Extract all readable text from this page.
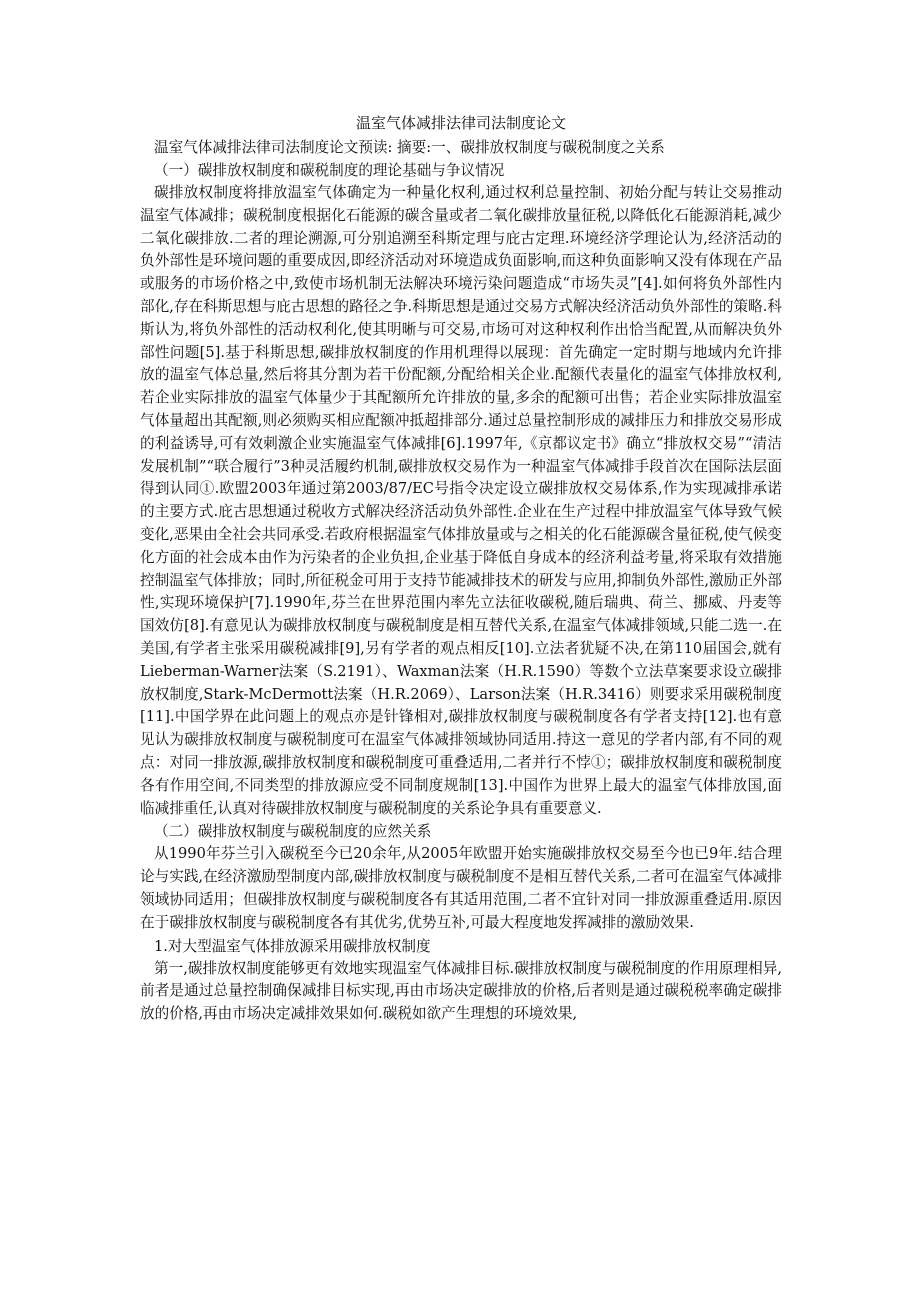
温室气体减排法律司法制度论文

温室气体减排法律司法制度论文预读: 摘要:一、碳排放权制度与碳税制度之关系

（一）碳排放权制度和碳税制度的理论基础与争议情况

碳排放权制度将排放温室气体确定为一种量化权利,通过权利总量控制、初始分配与转让交易推动温室气体减排；碳税制度根据化石能源的碳含量或者二氧化碳排放量征税,以降低化石能源消耗,减少二氧化碳排放.二者的理论溯源,可分别追溯至科斯定理与庇古定理.环境经济学理论认为,经济活动的负外部性是环境问题的重要成因,即经济活动对环境造成负面影响,而这种负面影响又没有体现在产品或服务的市场价格之中,致使市场机制无法解决环境污染问题造成“市场失灵”[4].如何将负外部性内部化,存在科斯思想与庇古思想的路径之争.科斯思想是通过交易方式解决经济活动负外部性的策略.科斯认为,将负外部性的活动权利化,使其明晰与可交易,市场可对这种权利作出恰当配置,从而解决负外部性问题[5].基于科斯思想,碳排放权制度的作用机理得以展现：首先确定一定时期与地域内允许排放的温室气体总量,然后将其分割为若干份配额,分配给相关企业.配额代表量化的温室气体排放权利,若企业实际排放的温室气体量少于其配额所允许排放的量,多余的配额可出售；若企业实际排放温室气体量超出其配额,则必须购买相应配额冲抵超排部分.通过总量控制形成的减排压力和排放交易形成的利益诱导,可有效刺激企业实施温室气体减排[6].1997年,《京都议定书》确立“排放权交易”“清洁发展机制”“联合履行”3种灵活履约机制,碳排放权交易作为一种温室气体减排手段首次在国际法层面得到认同①.欧盟2003年通过第2003/87/EC号指令决定设立碳排放权交易体系,作为实现减排承诺的主要方式.庇古思想通过税收方式解决经济活动负外部性.企业在生产过程中排放温室气体导致气候变化,恶果由全社会共同承受.若政府根据温室气体排放量或与之相关的化石能源碳含量征税,使气候变化方面的社会成本由作为污染者的企业负担,企业基于降低自身成本的经济利益考量,将采取有效措施控制温室气体排放；同时,所征税金可用于支持节能减排技术的研发与应用,抑制负外部性,激励正外部性,实现环境保护[7].1990年,芬兰在世界范围内率先立法征收碳税,随后瑞典、荷兰、挪威、丹麦等国效仿[8].有意见认为碳排放权制度与碳税制度是相互替代关系,在温室气体减排领域,只能二选一.在美国,有学者主张采用碳税减排[9],另有学者的观点相反[10].立法者犹疑不决,在第110届国会,就有Lieberman-Warner法案（S.2191）、Waxman法案（H.R.1590）等数个立法草案要求设立碳排放权制度,Stark-McDermott法案（H.R.2069）、Larson法案（H.R.3416）则要求采用碳税制度[11].中国学界在此问题上的观点亦是针锋相对,碳排放权制度与碳税制度各有学者支持[12].也有意见认为碳排放权制度与碳税制度可在温室气体减排领域协同适用.持这一意见的学者内部,有不同的观点：对同一排放源,碳排放权制度和碳税制度可重叠适用,二者并行不悖①；碳排放权制度和碳税制度各有作用空间,不同类型的排放源应受不同制度规制[13].中国作为世界上最大的温室气体排放国,面临减排重任,认真对待碳排放权制度与碳税制度的关系论争具有重要意义.

（二）碳排放权制度与碳税制度的应然关系

从1990年芬兰引入碳税至今已20余年,从2005年欧盟开始实施碳排放权交易至今也已9年.结合理论与实践,在经济激励型制度内部,碳排放权制度与碳税制度不是相互替代关系,二者可在温室气体减排领域协同适用；但碳排放权制度与碳税制度各有其适用范围,二者不宜针对同一排放源重叠适用.原因在于碳排放权制度与碳税制度各有其优劣,优势互补,可最大程度地发挥减排的激励效果.

1.对大型温室气体排放源采用碳排放权制度

第一,碳排放权制度能够更有效地实现温室气体减排目标.碳排放权制度与碳税制度的作用原理相异,前者是通过总量控制确保减排目标实现,再由市场决定碳排放的价格,后者则是通过碳税税率确定碳排放的价格,再由市场决定减排效果如何.碳税如欲产生理想的环境效果,
